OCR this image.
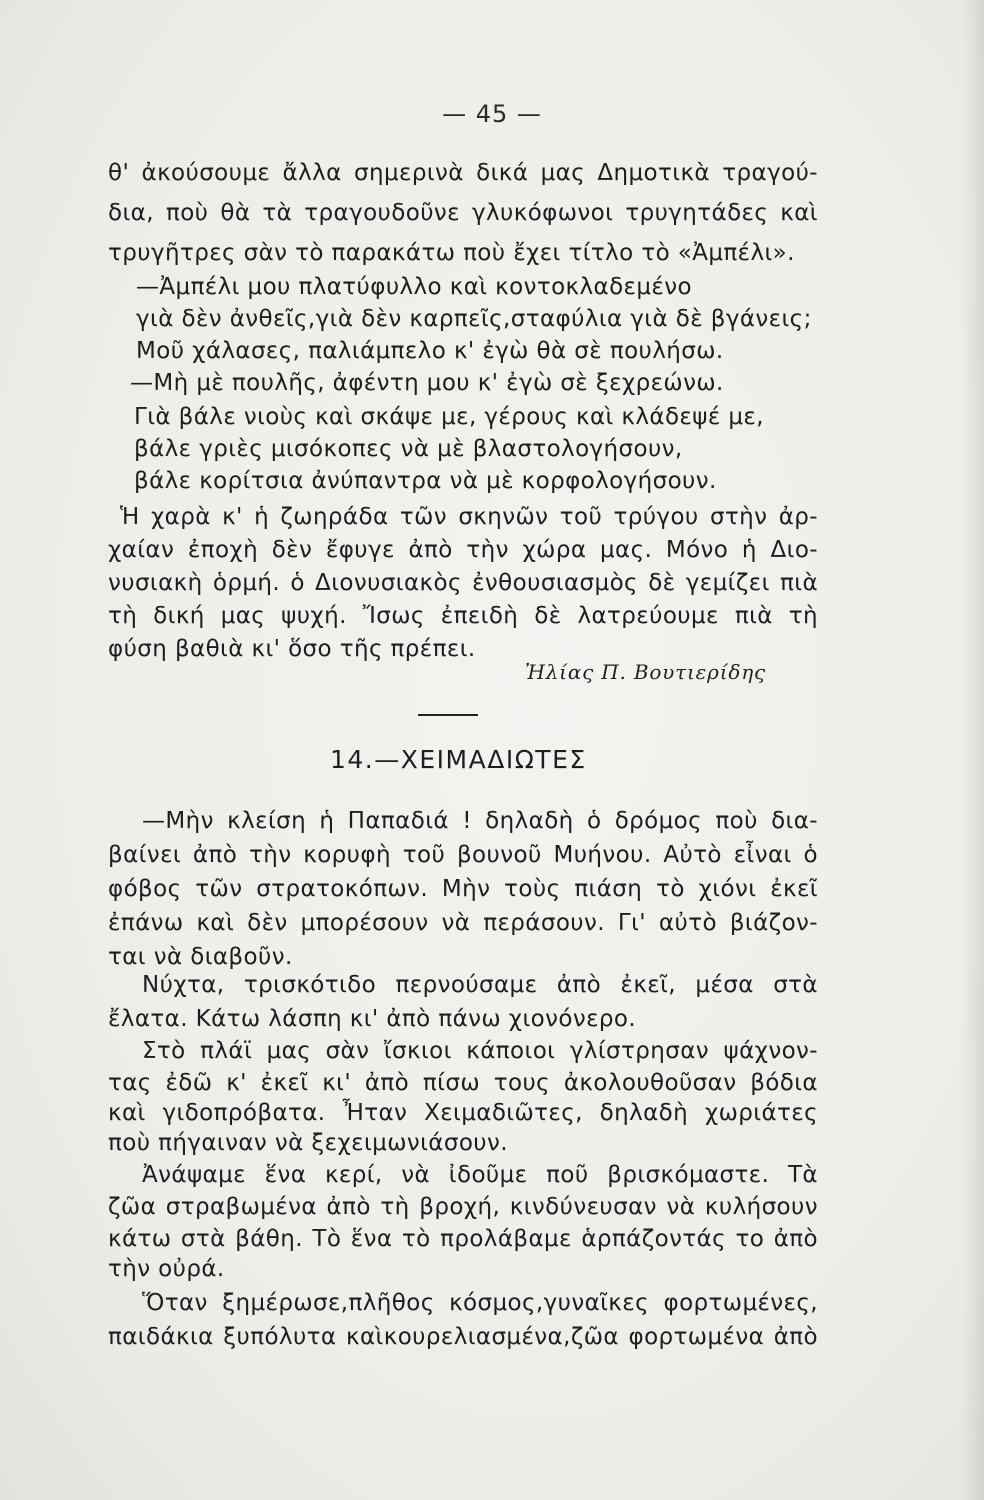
— 45 —
θ' ἀκούσουμε ἄλλα σημερινὰ δικά μας Δημοτικὰ τραγού-
δια, ποὺ θὰ τὰ τραγουδοῦνε γλυκόφωνοι τρυγητάδες καὶ
τρυγῆτρες σὰν τὸ παρακάτω ποὺ ἔχει τίτλο τὸ «Ἀμπέλι».
—Ἀμπέλι μου πλατύφυλλο καὶ κοντοκλαδεμένο
γιὰ δὲν ἀνθεῖς,γιὰ δὲν καρπεῖς,σταφύλια γιὰ δὲ βγάνεις;
Μοῦ χάλασες, παλιάμπελο κ' ἐγὼ θὰ σὲ πουλήσω.
—Μὴ μὲ πουλῆς, ἀφέντη μου κ' ἐγὼ σὲ ξεχρεώνω.
Γιὰ βάλε νιοὺς καὶ σκάψε με, γέρους καὶ κλάδεψέ με,
βάλε γριὲς μισόκοπες νὰ μὲ βλαστολογήσουν,
βάλε κορίτσια ἀνύπαντρα νὰ μὲ κορφολογήσουν.
Ἡ χαρὰ κ' ἡ ζωηράδα τῶν σκηνῶν τοῦ τρύγου στὴν ἀρ-
χαίαν ἐποχὴ δὲν ἔφυγε ἀπὸ τὴν χώρα μας. Μόνο ἡ Διο-
νυσιακὴ ὁρμή. ὁ Διονυσιακὸς ἐνθουσιασμὸς δὲ γεμίζει πιὰ
τὴ δική μας ψυχή. Ἴσως ἐπειδὴ δὲ λατρεύουμε πιὰ τὴ
φύση βαθιὰ κι' ὅσο τῆς πρέπει.
Ἠλίας Π. Βουτιερίδης
14.—ΧΕΙΜΑΔΙΩΤΕΣ
—Μὴν κλείση ἡ Παπαδιά ! δηλαδὴ ὁ δρόμος ποὺ δια-
βαίνει ἀπὸ τὴν κορυφὴ τοῦ βουνοῦ Μυήνου. Αὐτὸ εἶναι ὁ
φόβος τῶν στρατοκόπων. Μὴν τοὺς πιάση τὸ χιόνι ἐκεῖ
ἐπάνω καὶ δὲν μπορέσουν νὰ περάσουν. Γι' αὐτὸ βιάζον-
ται νὰ διαβοῦν.
Νύχτα, τρισκότιδο περνούσαμε ἀπὸ ἐκεῖ, μέσα στὰ
ἔλατα. Κάτω λάσπη κι' ἀπὸ πάνω χιονόνερο.
Στὸ πλάϊ μας σὰν ἴσκιοι κάποιοι γλίστρησαν ψάχνον-
τας ἐδῶ κ' ἐκεῖ κι' ἀπὸ πίσω τους ἀκολουθοῦσαν βόδια
καὶ γιδοπρόβατα. Ἦταν Χειμαδιῶτες, δηλαδὴ χωριάτες
ποὺ πήγαιναν νὰ ξεχειμωνιάσουν.
Ἀνάψαμε ἕνα κερί, νὰ ἰδοῦμε ποῦ βρισκόμαστε. Τὰ
ζῶα στραβωμένα ἀπὸ τὴ βροχή, κινδύνευσαν νὰ κυλήσουν
κάτω στὰ βάθη. Τὸ ἕνα τὸ προλάβαμε ἁρπάζοντάς το ἀπὸ
τὴν οὐρά.
Ὅταν ξημέρωσε,πλῆθος κόσμος,γυναῖκες φορτωμένες,
παιδάκια ξυπόλυτα καὶκουρελιασμένα,ζῶα φορτωμένα ἀπὸ
